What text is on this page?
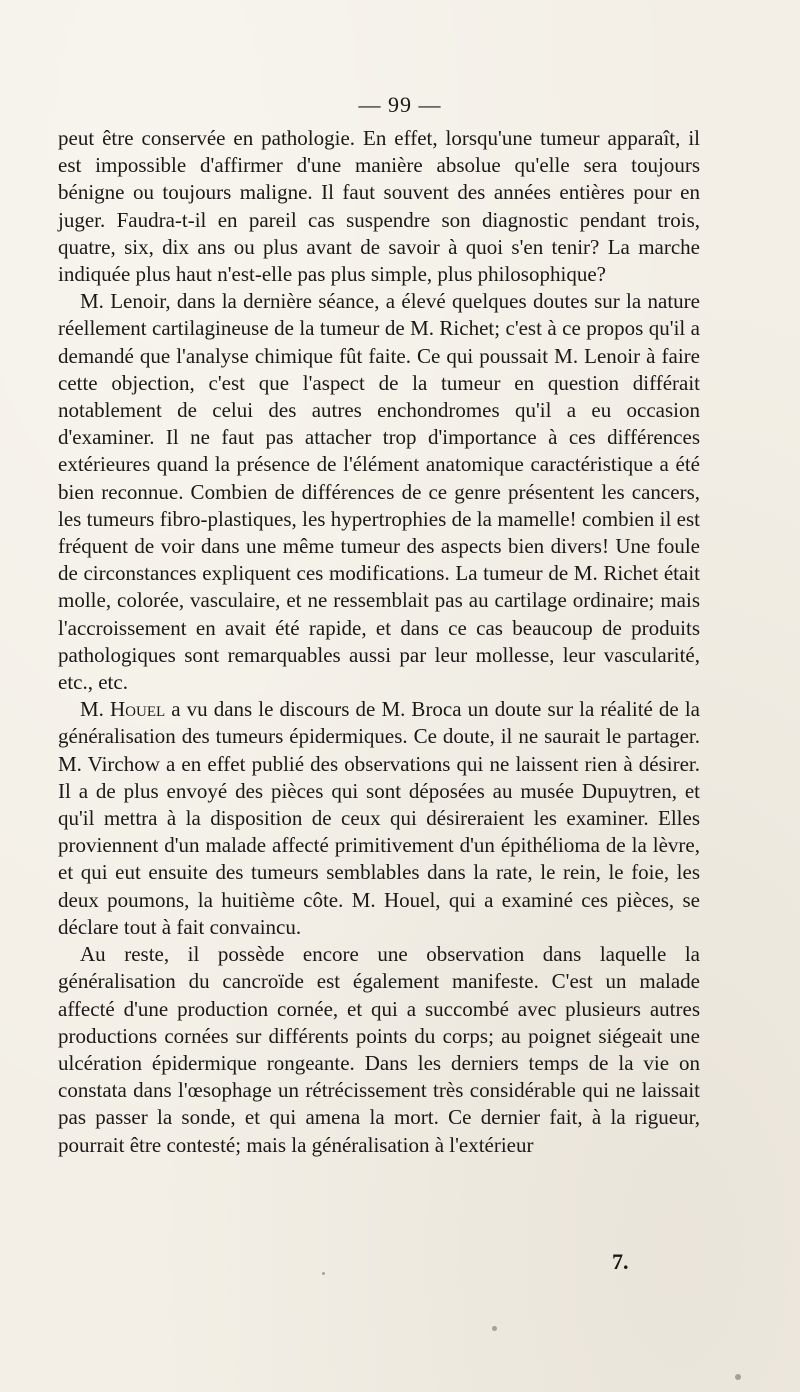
— 99 —

peut être conservée en pathologie. En effet, lorsqu'une tumeur apparaît, il est impossible d'affirmer d'une manière absolue qu'elle sera toujours bénigne ou toujours maligne. Il faut souvent des années entières pour en juger. Faudra-t-il en pareil cas suspendre son diagnostic pendant trois, quatre, six, dix ans ou plus avant de savoir à quoi s'en tenir? La marche indiquée plus haut n'est-elle pas plus simple, plus philosophique?

M. Lenoir, dans la dernière séance, a élevé quelques doutes sur la nature réellement cartilagineuse de la tumeur de M. Richet; c'est à ce propos qu'il a demandé que l'analyse chimique fût faite. Ce qui poussait M. Lenoir à faire cette objection, c'est que l'aspect de la tumeur en question différait notablement de celui des autres enchondromes qu'il a eu occasion d'examiner. Il ne faut pas attacher trop d'importance à ces différences extérieures quand la présence de l'élément anatomique caractéristique a été bien reconnue. Combien de différences de ce genre présentent les cancers, les tumeurs fibro-plastiques, les hypertrophies de la mamelle! combien il est fréquent de voir dans une même tumeur des aspects bien divers! Une foule de circonstances expliquent ces modifications. La tumeur de M. Richet était molle, colorée, vasculaire, et ne ressemblait pas au cartilage ordinaire; mais l'accroissement en avait été rapide, et dans ce cas beaucoup de produits pathologiques sont remarquables aussi par leur mollesse, leur vascularité, etc., etc.

M. Houel a vu dans le discours de M. Broca un doute sur la réalité de la généralisation des tumeurs épidermiques. Ce doute, il ne saurait le partager. M. Virchow a en effet publié des observations qui ne laissent rien à désirer. Il a de plus envoyé des pièces qui sont déposées au musée Dupuytren, et qu'il mettra à la disposition de ceux qui désireraient les examiner. Elles proviennent d'un malade affecté primitivement d'un épithélioma de la lèvre, et qui eut ensuite des tumeurs semblables dans la rate, le rein, le foie, les deux poumons, la huitième côte. M. Houel, qui a examiné ces pièces, se déclare tout à fait convaincu.

Au reste, il possède encore une observation dans laquelle la généralisation du cancroïde est également manifeste. C'est un malade affecté d'une production cornée, et qui a succombé avec plusieurs autres productions cornées sur différents points du corps; au poignet siégeait une ulcération épidermique rongeante. Dans les derniers temps de la vie on constata dans l'œsophage un rétrécissement très considérable qui ne laissait pas passer la sonde, et qui amena la mort. Ce dernier fait, à la rigueur, pourrait être contesté; mais la généralisation à l'extérieur

7.
